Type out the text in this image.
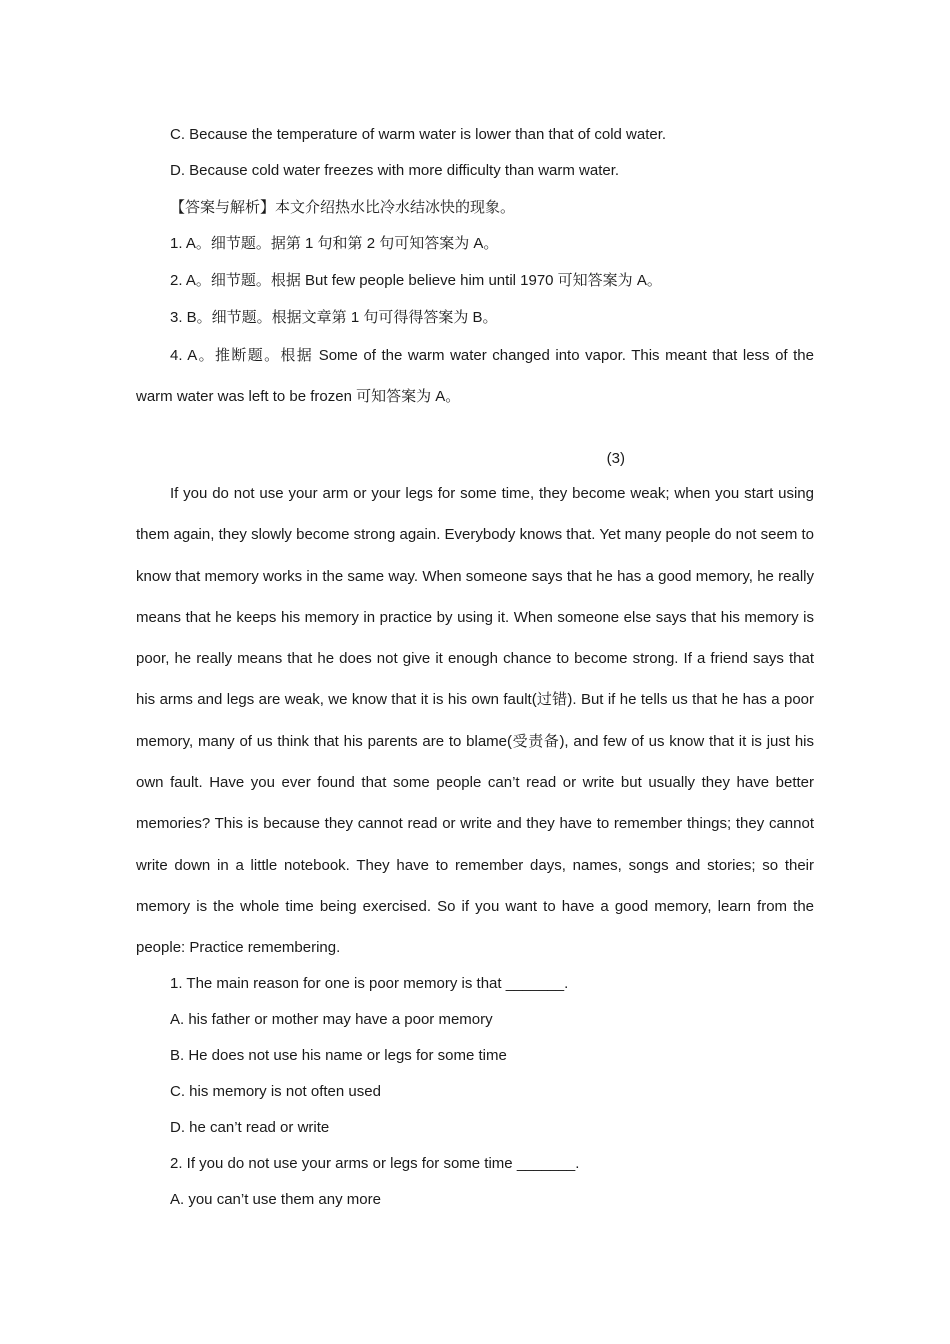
C. Because the temperature of warm water is lower than that of cold water.
D. Because cold water freezes with more difficulty than warm water.
【答案与解析】本文介绍热水比冷水结冰快的现象。
1. A。细节题。据第 1 句和第 2 句可知答案为 A。
2. A。细节题。根据 But few people believe him until 1970 可知答案为 A。
3. B。细节题。根据文章第 1 句可得得答案为 B。

4. A。推断题。根据 Some of the warm water changed into vapor. This meant that less of the warm water was left to be frozen 可知答案为 A。

(3)

If you do not use your arm or your legs for some time, they become weak; when you start using them again, they slowly become strong again. Everybody knows that. Yet many people do not seem to know that memory works in the same way. When someone says that he has a good memory, he really means that he keeps his memory in practice by using it. When someone else says that his memory is poor, he really means that he does not give it enough chance to become strong. If a friend says that his arms and legs are weak, we know that it is his own fault(过错). But if he tells us that he has a poor memory, many of us think that his parents are to blame(受责备), and few of us know that it is just his own fault. Have you ever found that some people can’t read or write but usually they have better memories? This is because they cannot read or write and they have to remember things; they cannot write down in a little notebook. They have to remember days, names, songs and stories; so their memory is the whole time being exercised. So if you want to have a good memory, learn from the people: Practice remembering.

1. The main reason for one is poor memory is that _______.
A. his father or mother may have a poor memory
B. He does not use his name or legs for some time
C. his memory is not often used
D. he can’t read or write
2. If you do not use your arms or legs for some time _______.
A. you can’t use them any more
